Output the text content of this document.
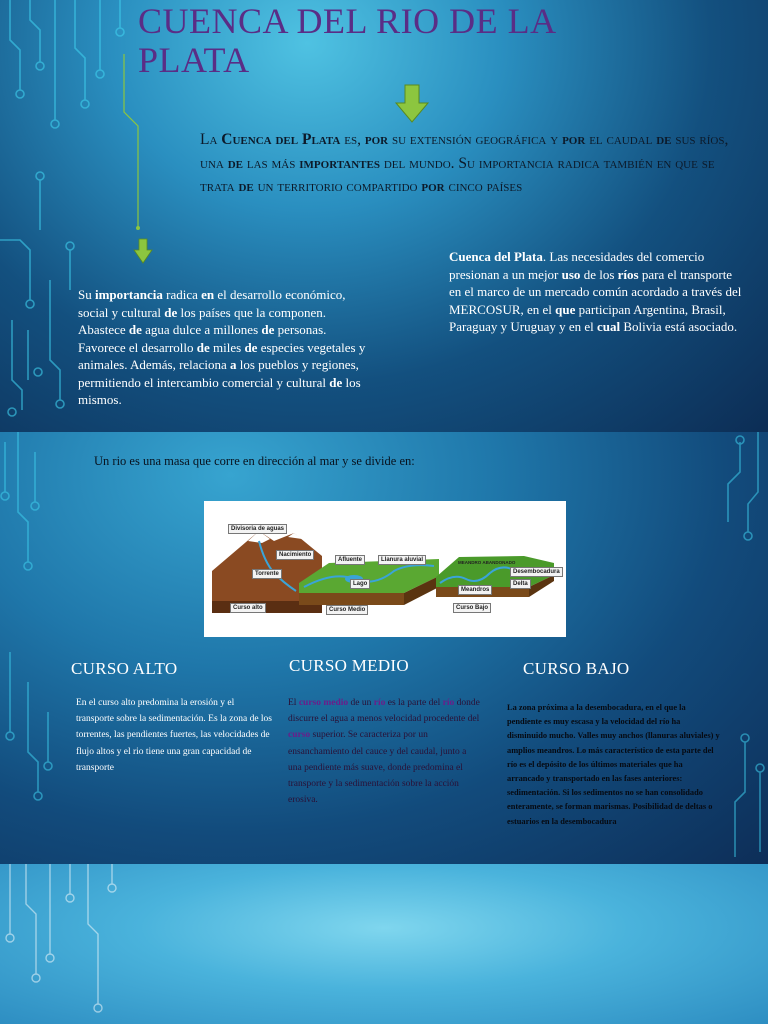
CUENCA DEL RIO DE LA PLATA
La Cuenca del Plata es, por su extensión geográfica y por el caudal de sus ríos, una de las más importantes del mundo. Su importancia radica también en que se trata de un territorio compartido por cinco países
Su importancia radica en el desarrollo económico, social y cultural de los países que la componen. Abastece de agua dulce a millones de personas. Favorece el desarrollo de miles de especies vegetales y animales. Además, relaciona a los pueblos y regiones, permitiendo el intercambio comercial y cultural de los mismos.
Cuenca del Plata. Las necesidades del comercio presionan a un mejor uso de los ríos para el transporte en el marco de un mercado común acordado a través del MERCOSUR, en el que participan Argentina, Brasil, Paraguay y Uruguay y en el cual Bolivia está asociado.
Un rio es una masa que corre en dirección al mar y se divide en:
Divisoria de aguas
Nacimiento
Torrente
Afluente	Llanura aluvial
Lago
MEANDRO ABANDONADO
Desembocadura
Delta
Meandros
Curso alto	Curso Medio	Curso Bajo
CURSO ALTO
En el curso alto predomina la erosión y el transporte sobre la sedimentación. Es la zona de los torrentes, las pendientes fuertes, las velocidades de flujo altos y el rio tiene una gran capacidad de transporte
CURSO MEDIO
El curso medio de un río es la parte del río donde discurre el agua a menos velocidad procedente del curso superior. Se caracteriza por un ensanchamiento del cauce y del caudal, junto a una pendiente más suave, donde predomina el transporte y la sedimentación sobre la acción erosiva.
CURSO BAJO
La zona próxima a la desembocadura, en el que la pendiente es muy escasa y la velocidad del río ha disminuido mucho. Valles muy anchos (llanuras aluviales) y amplios meandros. Lo más característico de esta parte del río es el depósito de los últimos materiales que ha arrancado y transportado en las fases anteriores: sedimentación. Si los sedimentos no se han consolidado enteramente, se forman marismas. Posibilidad de deltas o estuarios en la desembocadura
